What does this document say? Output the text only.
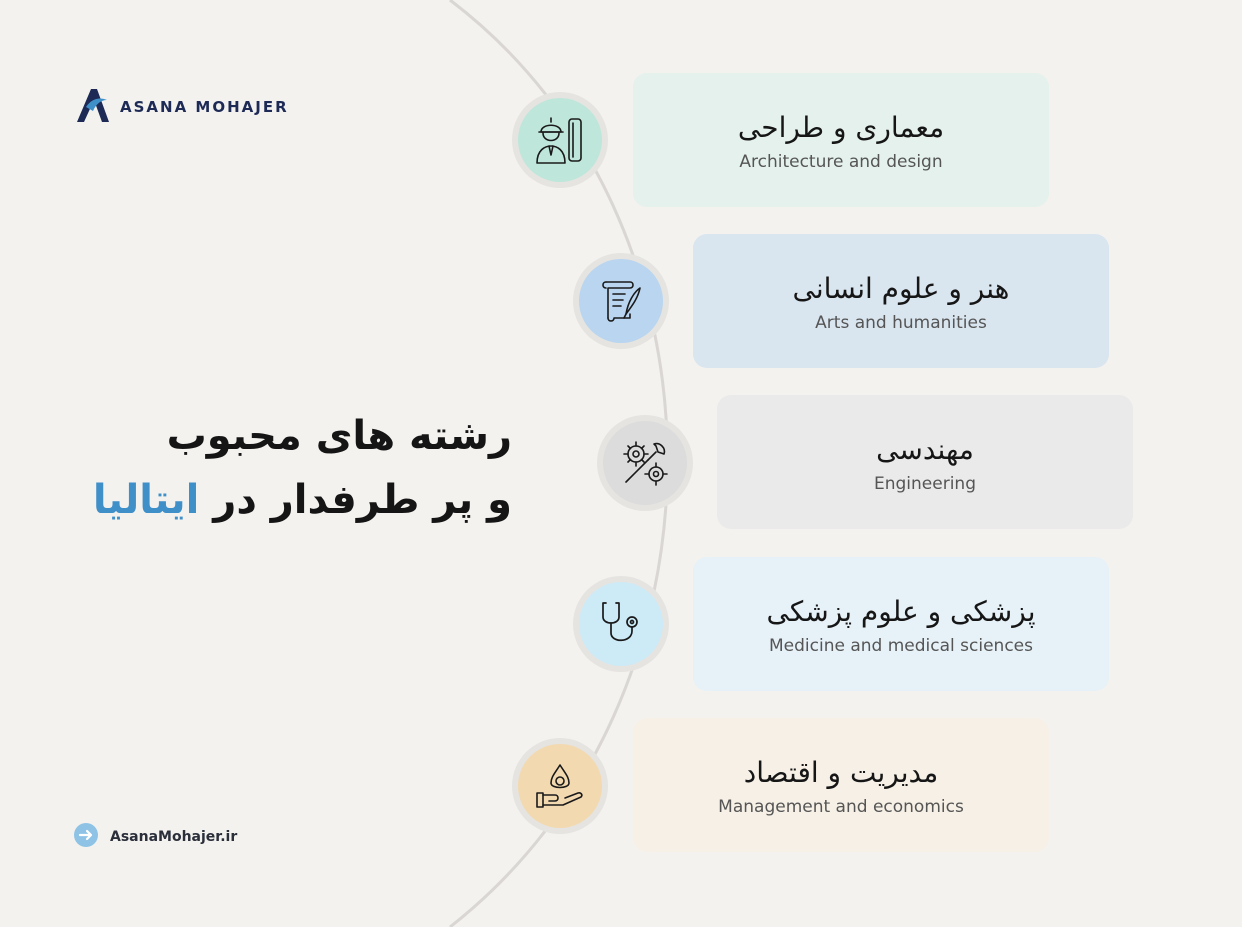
ASANA MOHAJER
رشته های محبوب
و پر طرفدار در ایتالیا
AsanaMohajer.ir
معماری و طراحی
Architecture and design
هنر و علوم انسانی
Arts and humanities
مهندسی
Engineering
پزشکی و علوم پزشکی
Medicine and medical sciences
مدیریت و اقتصاد
Management and economics
